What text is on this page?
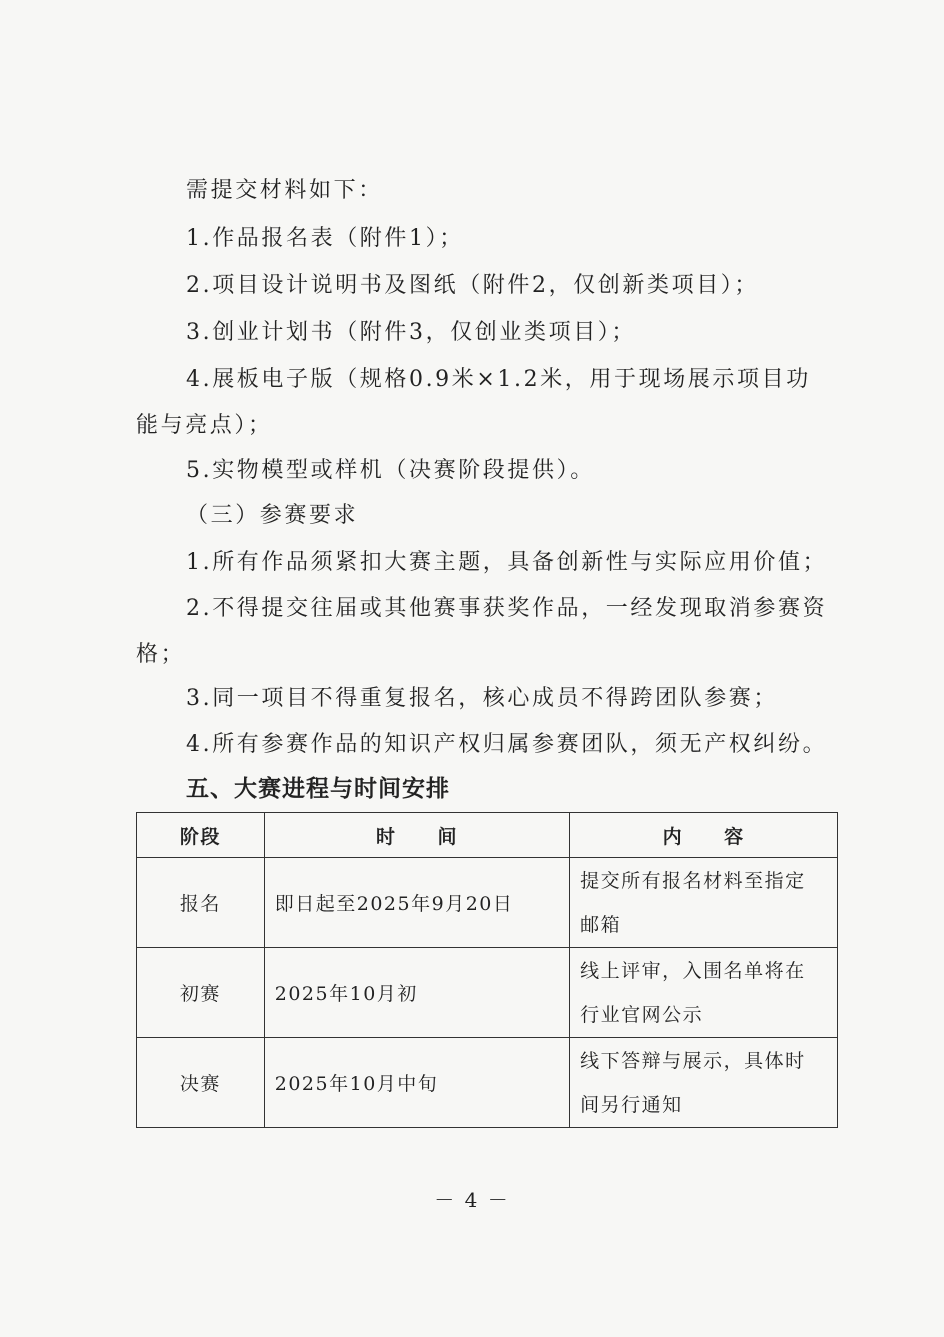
需提交材料如下：
1.作品报名表（附件1）；
2.项目设计说明书及图纸（附件2，仅创新类项目）；
3.创业计划书（附件3，仅创业类项目）；
4.展板电子版（规格0.9米×1.2米，用于现场展示项目功
能与亮点）；
5.实物模型或样机（决赛阶段提供）。
（三）参赛要求
1.所有作品须紧扣大赛主题，具备创新性与实际应用价值；
2.不得提交往届或其他赛事获奖作品，一经发现取消参赛资
格；
3.同一项目不得重复报名，核心成员不得跨团队参赛；
4.所有参赛作品的知识产权归属参赛团队，须无产权纠纷。
五、大赛进程与时间安排
阶段	时　　间	内　　容
报名	即日起至2025年9月20日	提交所有报名材料至指定
邮箱

初赛	2025年10月初	线上评审，入围名单将在
行业官网公示

决赛	2025年10月中旬	线下答辩与展示，具体时
间另行通知
－ 4 －
